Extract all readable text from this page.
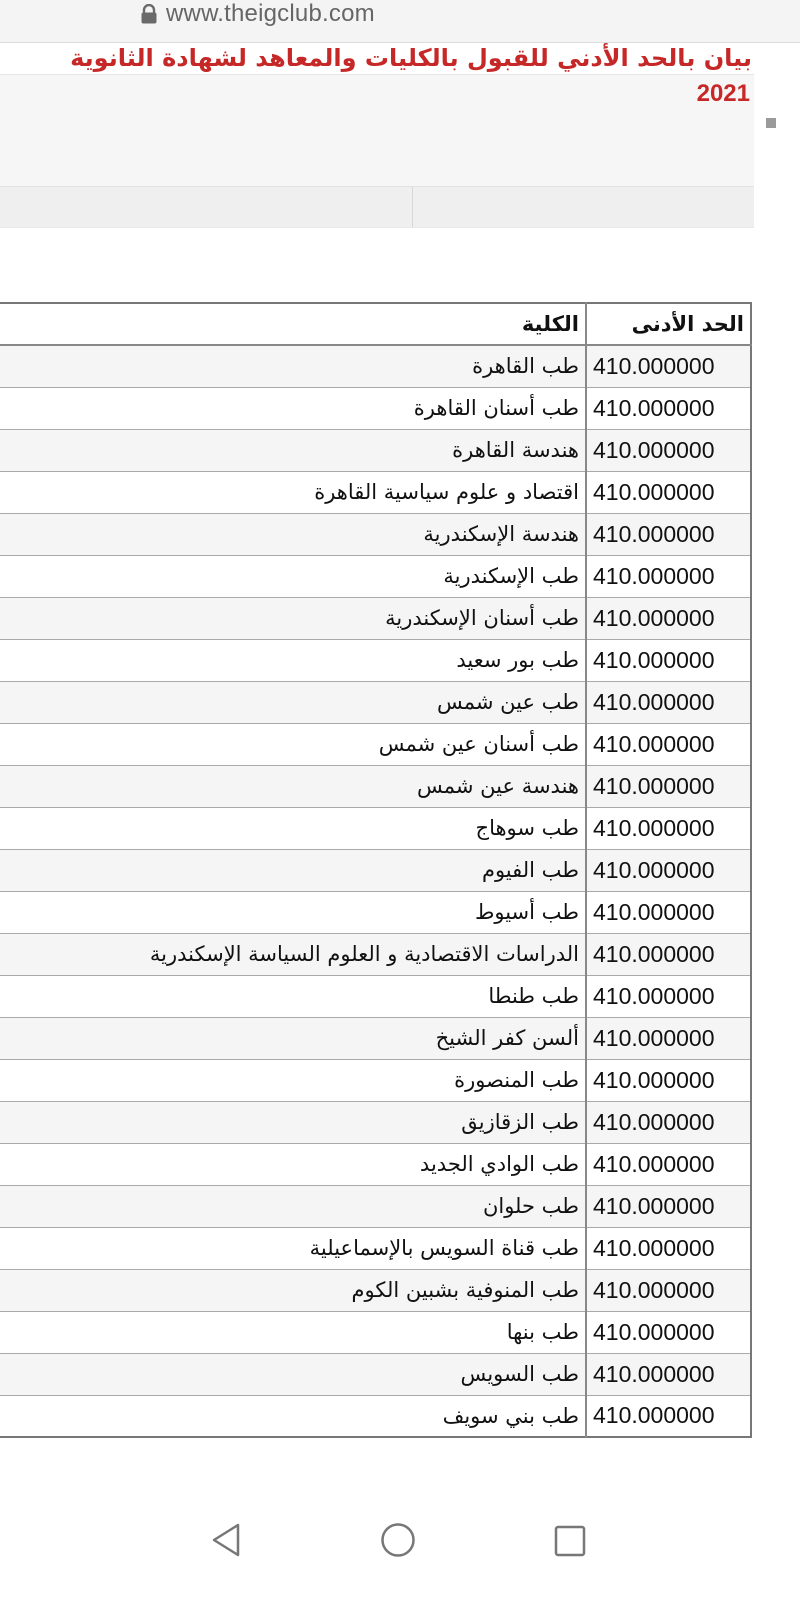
www.theigclub.com
بيان بالحد الأدني للقبول بالكليات والمعاهد لشهادة الثانوية
2021
الحد الأدنى	الكلية
410.000000	طب القاهرة
410.000000	طب أسنان القاهرة
410.000000	هندسة القاهرة
410.000000	اقتصاد و علوم سياسية القاهرة
410.000000	هندسة الإسكندرية
410.000000	طب الإسكندرية
410.000000	طب أسنان الإسكندرية
410.000000	طب بور سعيد
410.000000	طب عين شمس
410.000000	طب أسنان عين شمس
410.000000	هندسة عين شمس
410.000000	طب سوهاج
410.000000	طب الفيوم
410.000000	طب أسيوط
410.000000	الدراسات الاقتصادية و العلوم السياسة الإسكندرية
410.000000	طب طنطا
410.000000	ألسن كفر الشيخ
410.000000	طب المنصورة
410.000000	طب الزقازيق
410.000000	طب الوادي الجديد
410.000000	طب حلوان
410.000000	طب قناة السويس بالإسماعيلية
410.000000	طب المنوفية بشبين الكوم
410.000000	طب بنها
410.000000	طب السويس
410.000000	طب بني سويف
